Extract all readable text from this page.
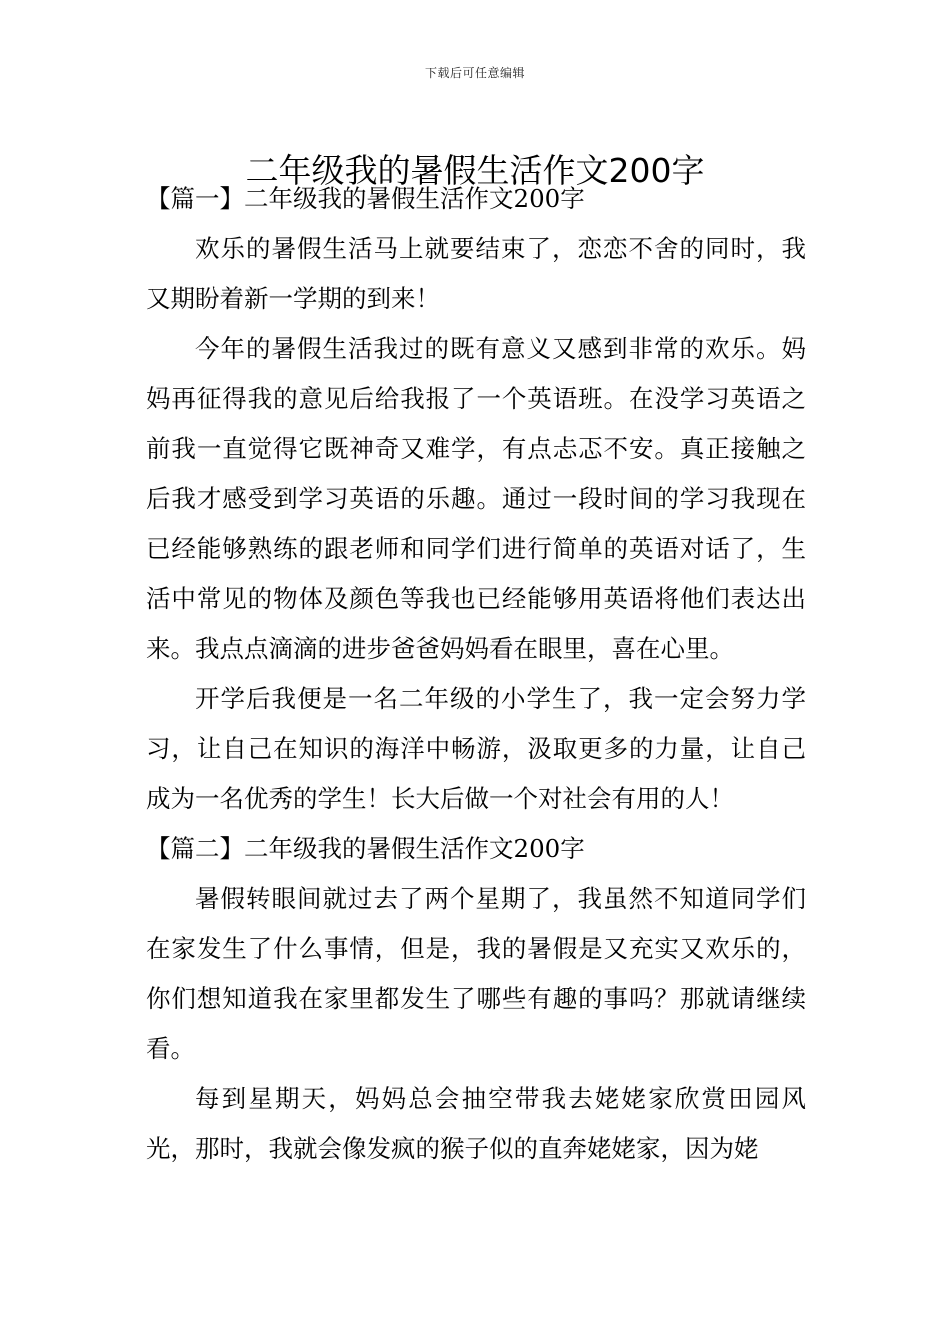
下载后可任意编辑
二年级我的暑假生活作文200字

【篇一】二年级我的暑假生活作文200字

欢乐的暑假生活马上就要结束了，恋恋不舍的同时，我又期盼着新一学期的到来！

今年的暑假生活我过的既有意义又感到非常的欢乐。妈妈再征得我的意见后给我报了一个英语班。在没学习英语之前我一直觉得它既神奇又难学，有点忐忑不安。真正接触之后我才感受到学习英语的乐趣。通过一段时间的学习我现在已经能够熟练的跟老师和同学们进行简单的英语对话了，生活中常见的物体及颜色等我也已经能够用英语将他们表达出来。我点点滴滴的进步爸爸妈妈看在眼里，喜在心里。

开学后我便是一名二年级的小学生了，我一定会努力学习，让自己在知识的海洋中畅游，汲取更多的力量，让自己成为一名优秀的学生！长大后做一个对社会有用的人！

【篇二】二年级我的暑假生活作文200字

暑假转眼间就过去了两个星期了，我虽然不知道同学们在家发生了什么事情，但是，我的暑假是又充实又欢乐的，你们想知道我在家里都发生了哪些有趣的事吗？那就请继续看。

每到星期天，妈妈总会抽空带我去姥姥家欣赏田园风光，那时，我就会像发疯的猴子似的直奔姥姥家，因为姥
